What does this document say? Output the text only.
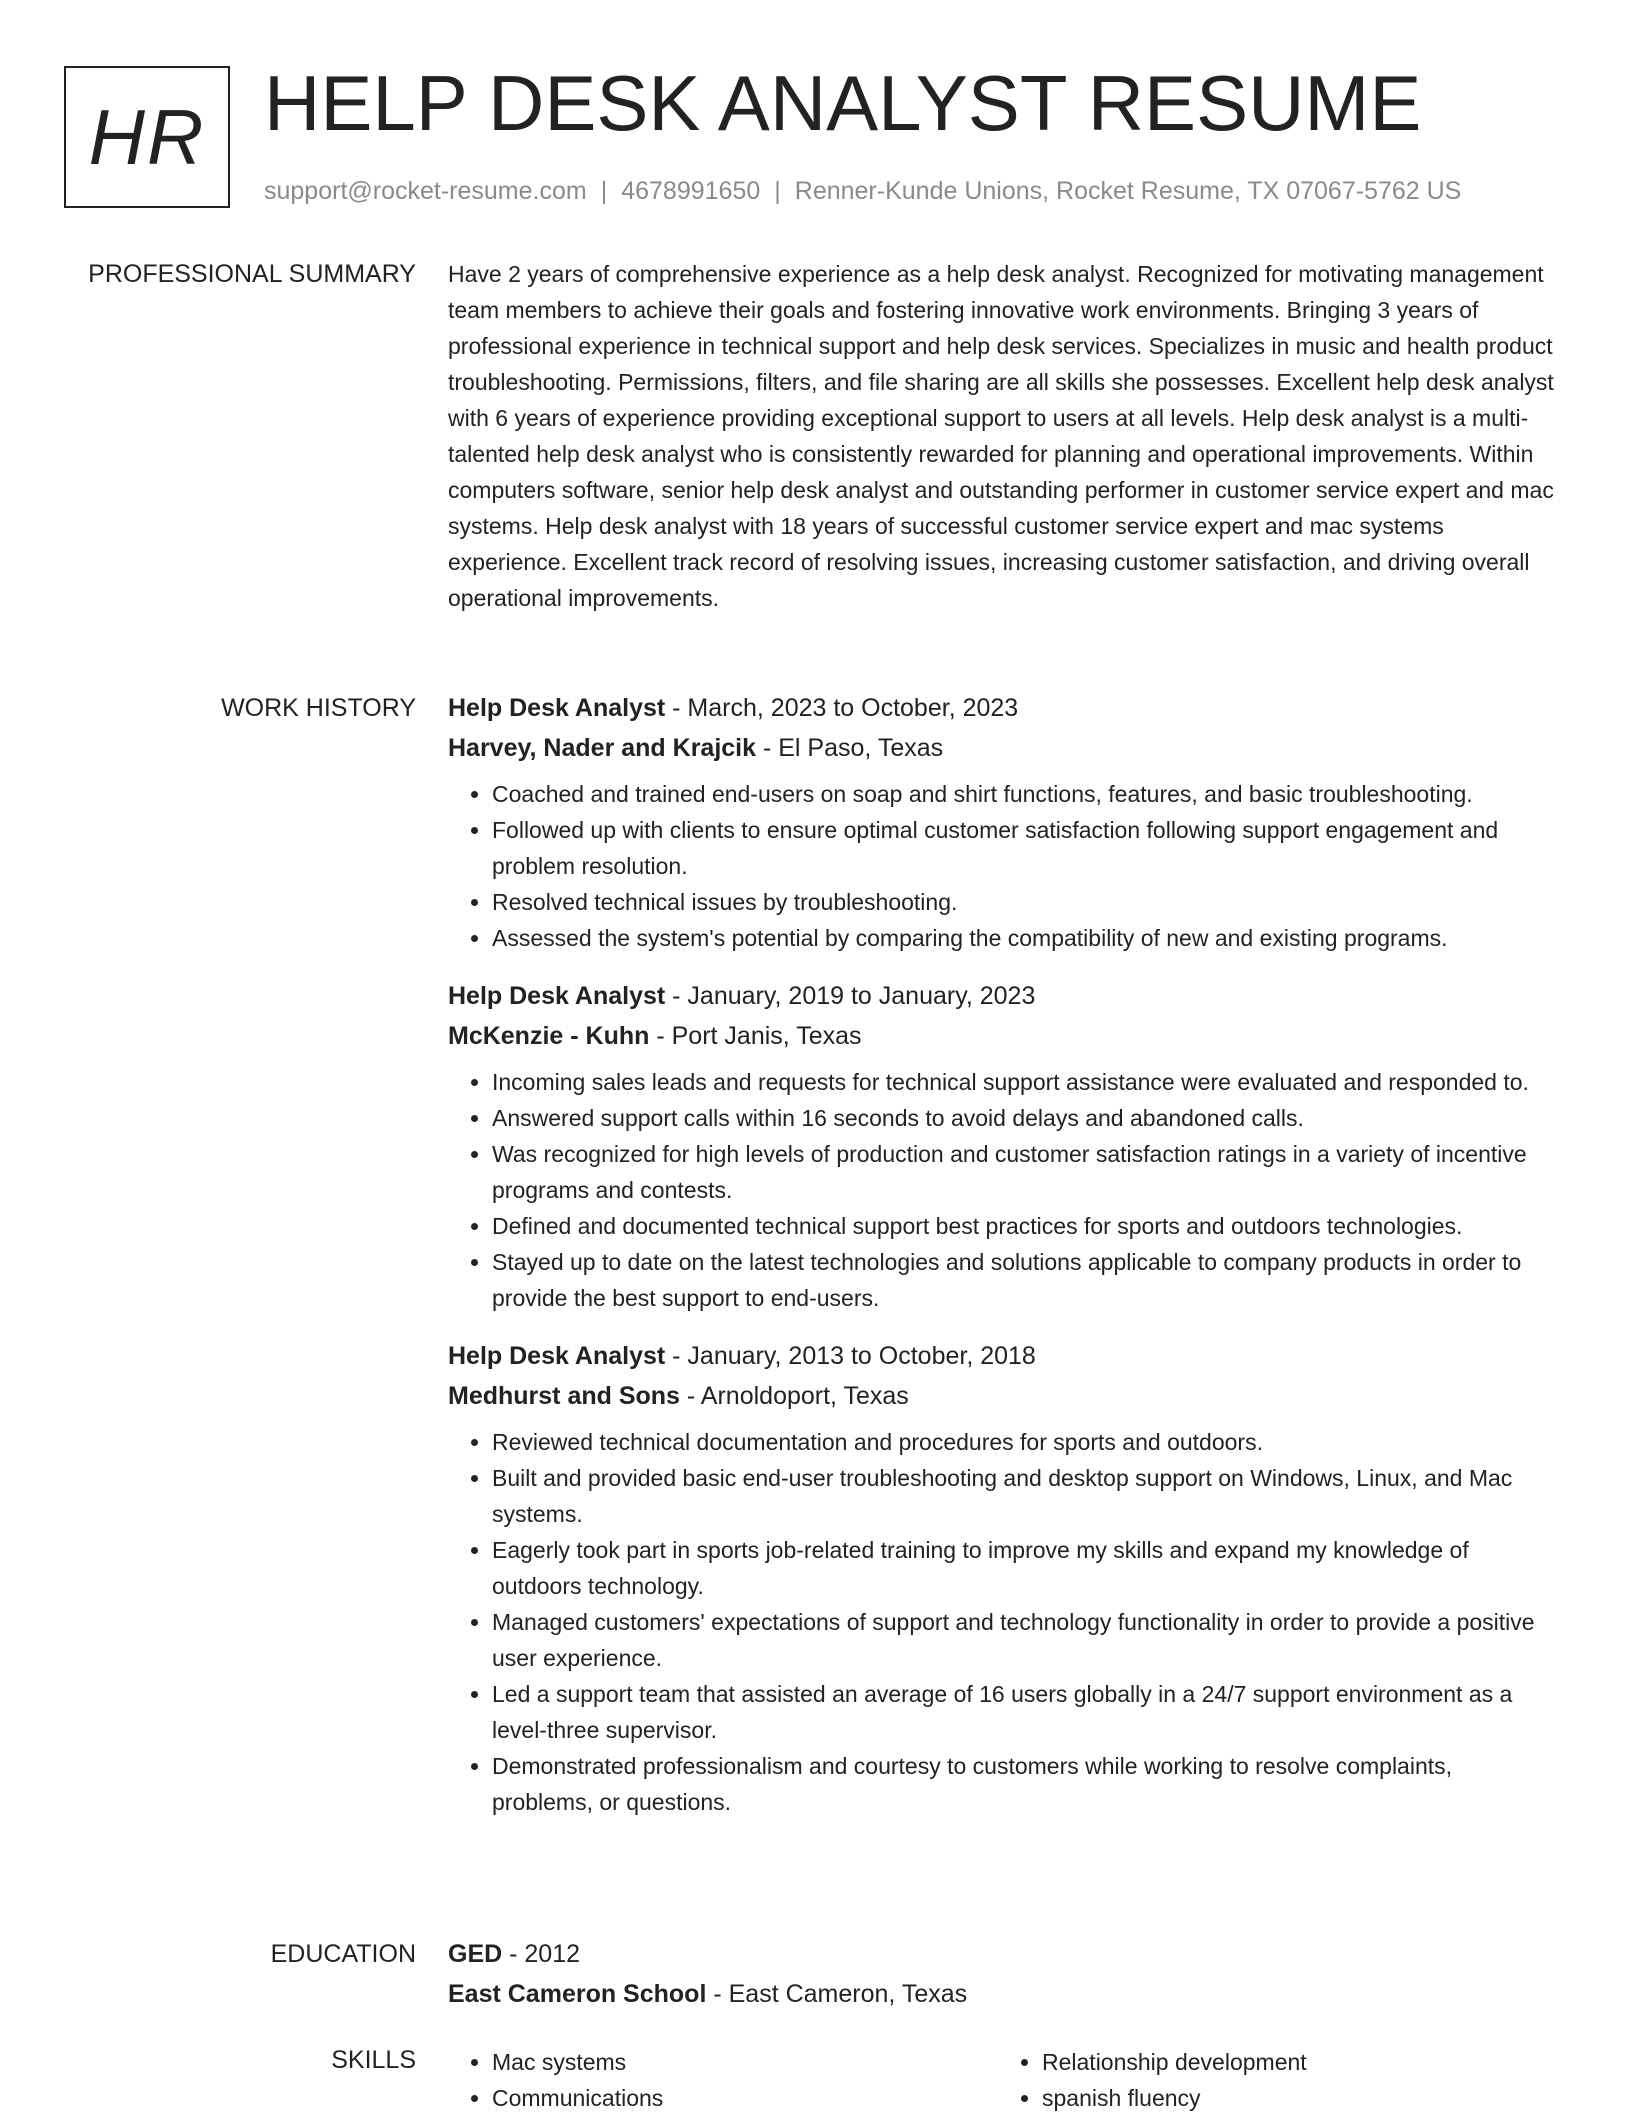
HR HELP DESK ANALYST RESUME
support@rocket-resume.com | 4678991650 | Renner-Kunde Unions, Rocket Resume, TX 07067-5762 US
PROFESSIONAL SUMMARY Have 2 years of comprehensive experience as a help desk analyst. Recognized for motivating management team members to achieve their goals and fostering innovative work environments. Bringing 3 years of professional experience in technical support and help desk services. Specializes in music and health product troubleshooting. Permissions, filters, and file sharing are all skills she possesses. Excellent help desk analyst with 6 years of experience providing exceptional support to users at all levels. Help desk analyst is a multi-talented help desk analyst who is consistently rewarded for planning and operational improvements. Within computers software, senior help desk analyst and outstanding performer in customer service expert and mac systems. Help desk analyst with 18 years of successful customer service expert and mac systems experience. Excellent track record of resolving issues, increasing customer satisfaction, and driving overall operational improvements.

WORK HISTORY Help Desk Analyst - March, 2023 to October, 2023
Harvey, Nader and Krajcik - El Paso, Texas
• Coached and trained end-users on soap and shirt functions, features, and basic troubleshooting.
• Followed up with clients to ensure optimal customer satisfaction following support engagement and problem resolution.
• Resolved technical issues by troubleshooting.
• Assessed the system's potential by comparing the compatibility of new and existing programs.
Help Desk Analyst - January, 2019 to January, 2023
McKenzie - Kuhn - Port Janis, Texas
• Incoming sales leads and requests for technical support assistance were evaluated and responded to.
• Answered support calls within 16 seconds to avoid delays and abandoned calls.
• Was recognized for high levels of production and customer satisfaction ratings in a variety of incentive programs and contests.
• Defined and documented technical support best practices for sports and outdoors technologies.
• Stayed up to date on the latest technologies and solutions applicable to company products in order to provide the best support to end-users.
Help Desk Analyst - January, 2013 to October, 2018
Medhurst and Sons - Arnoldoport, Texas
• Reviewed technical documentation and procedures for sports and outdoors.
• Built and provided basic end-user troubleshooting and desktop support on Windows, Linux, and Mac systems.
• Eagerly took part in sports job-related training to improve my skills and expand my knowledge of outdoors technology.
• Managed customers' expectations of support and technology functionality in order to provide a positive user experience.
• Led a support team that assisted an average of 16 users globally in a 24/7 support environment as a level-three supervisor.
• Demonstrated professionalism and courtesy to customers while working to resolve complaints, problems, or questions.
EDUCATION GED - 2012
East Cameron School - East Cameron, Texas
SKILLS
•	Mac systems
• Communications
• Relationship development
• spanish fluency
